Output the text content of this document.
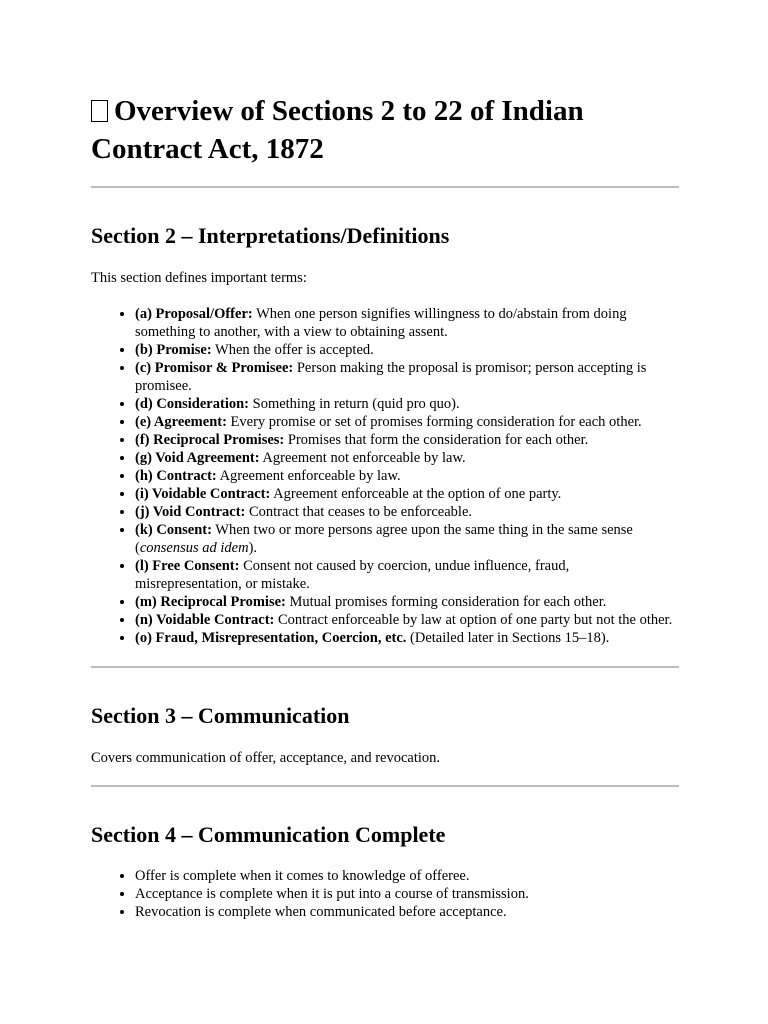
Overview of Sections 2 to 22 of Indian Contract Act, 1872
Section 2 – Interpretations/Definitions

This section defines important terms:

• (a) Proposal/Offer: When one person signifies willingness to do/abstain from doing something to another, with a view to obtaining assent.
• (b) Promise: When the offer is accepted.
• (c) Promisor & Promisee: Person making the proposal is promisor; person accepting is promisee.
• (d) Consideration: Something in return (quid pro quo).
• (e) Agreement: Every promise or set of promises forming consideration for each other.
• (f) Reciprocal Promises: Promises that form the consideration for each other.
• (g) Void Agreement: Agreement not enforceable by law.
• (h) Contract: Agreement enforceable by law.
• (i) Voidable Contract: Agreement enforceable at the option of one party.
• (j) Void Contract: Contract that ceases to be enforceable.
• (k) Consent: When two or more persons agree upon the same thing in the same sense (consensus ad idem).
• (l) Free Consent: Consent not caused by coercion, undue influence, fraud, misrepresentation, or mistake.
• (m) Reciprocal Promise: Mutual promises forming consideration for each other.
• (n) Voidable Contract: Contract enforceable by law at option of one party but not the other.
• (o) Fraud, Misrepresentation, Coercion, etc. (Detailed later in Sections 15–18).
Section 3 – Communication

Covers communication of offer, acceptance, and revocation.

Section 4 – Communication Complete
• Offer is complete when it comes to knowledge of offeree.
• Acceptance is complete when it is put into a course of transmission.
• Revocation is complete when communicated before acceptance.
